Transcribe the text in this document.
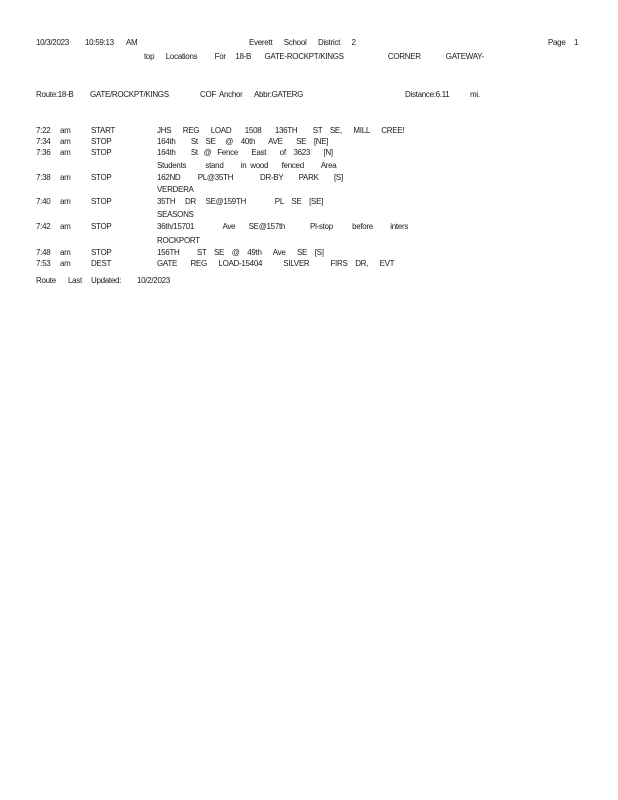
10/3/2023 10:59:13 AM	Everett      School      District      2	Page 1
top      Locations         For     18-B       GATE-ROCKPT/KINGS                       CORNER             GATEWAY-
Route:18-B GATE/ROCKPT/KINGS	COF Anchor Abbr:GATERG	Distance:6.11	mi.
7:22 am	START	JHS      REG      LOAD       1508       136TH        ST    SE,      MILL      CREE!
7:34 am	STOP	164th        St    SE     @    40th       AVE       SE    [NE]
7:36 am	STOP	164th        St   @   Fence       East       of    3623       [N]
Students          stand         in  wood       fenced         Area
7:38 am	STOP	162ND         PL@35TH              DR-BY        PARK        [S]
VERDERA
7:40 am	STOP	35TH     DR     SE@159TH               PL    SE    [SE]
SEASONS
7:42 am	STOP	36th/15701               Ave       SE@157th             Pl-stop          before         inters
ROCKPORT
7:48 am	STOP	156TH         ST    SE    @    49th      Ave      SE    [S]
7:53 am	DEST	GATE       REG      LOAD-15404           SILVER           FIRS    DR,      EVT
Route Last Updated: 10/2/2023
